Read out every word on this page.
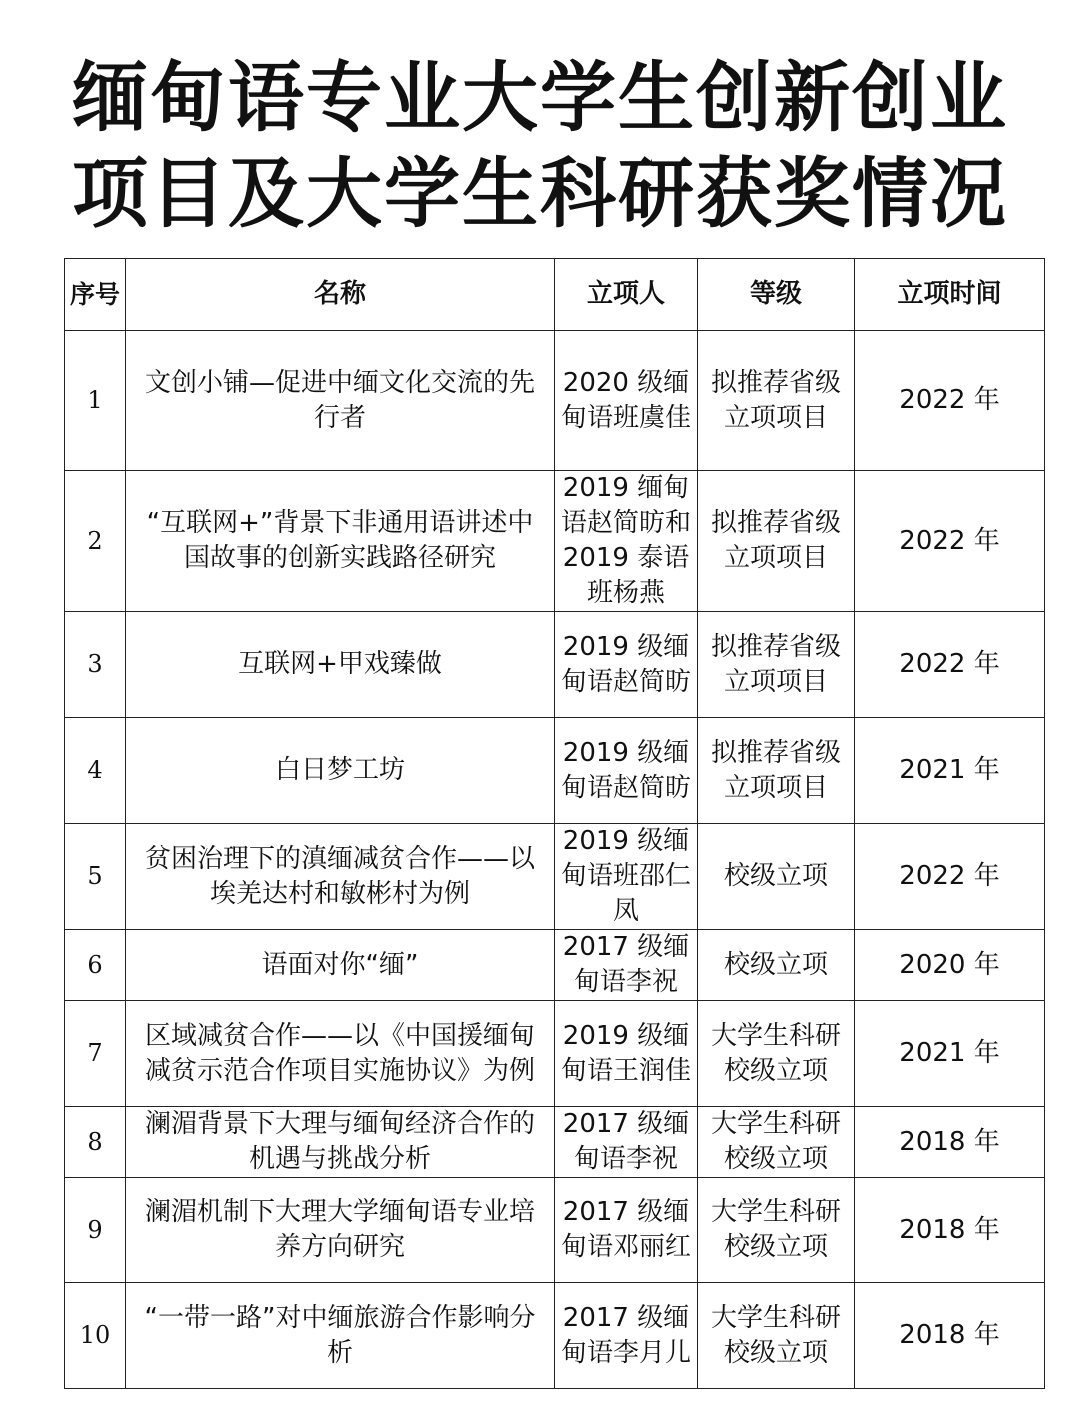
缅甸语专业大学生创新创业
项目及大学生科研获奖情况
序号	名称	立项人	等级	立项时间
1	文创小铺—促进中缅文化交流的先行者	2020 级缅甸语班虞佳	拟推荐省级立项项目	2022 年
2	“互联网+”背景下非通用语讲述中国故事的创新实践路径研究	2019 缅甸语赵简昉和 2019 泰语班杨燕	拟推荐省级立项项目	2022 年
3	互联网+甲戏臻做	2019 级缅甸语赵简昉	拟推荐省级立项项目	2022 年
4	白日梦工坊	2019 级缅甸语赵简昉	拟推荐省级立项项目	2021 年
5	贫困治理下的滇缅减贫合作——以埃羌达村和敏彬村为例	2019 级缅甸语班邵仁凤	校级立项	2022 年
6	语面对你“缅”	2017 级缅甸语李祝	校级立项	2020 年
7	区域减贫合作——以《中国援缅甸减贫示范合作项目实施协议》为例	2019 级缅甸语王润佳	大学生科研校级立项	2021 年
8	澜湄背景下大理与缅甸经济合作的机遇与挑战分析	2017 级缅甸语李祝	大学生科研校级立项	2018 年
9	澜湄机制下大理大学缅甸语专业培养方向研究	2017 级缅甸语邓丽红	大学生科研校级立项	2018 年
10	“一带一路”对中缅旅游合作影响分析	2017 级缅甸语李月儿	大学生科研校级立项	2018 年
